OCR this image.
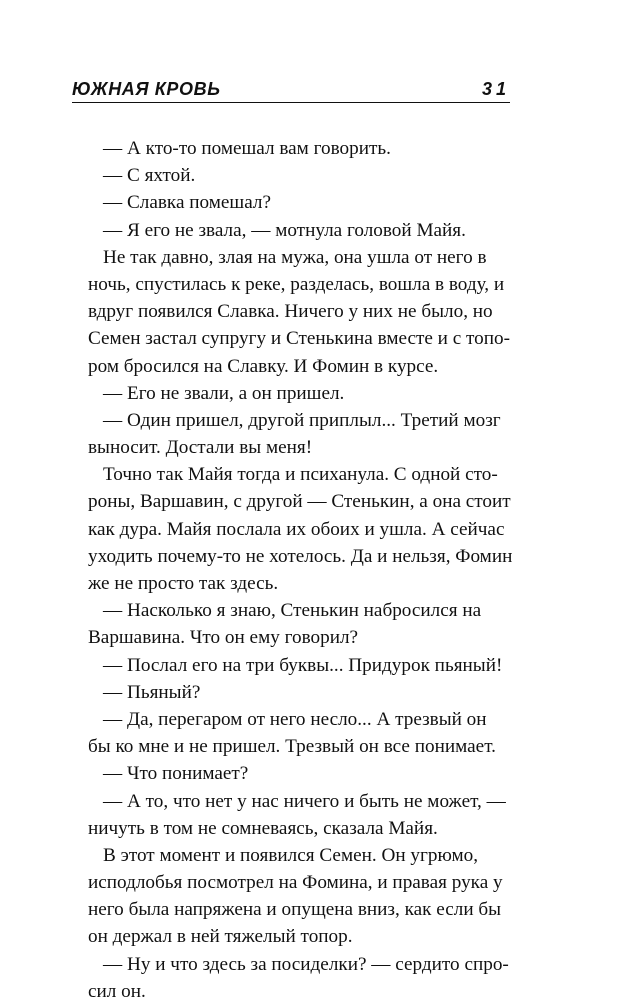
ЮЖНАЯ КРОВЬ	31
— А кто-то помешал вам говорить.
— С яхтой.
— Славка помешал?
— Я его не звала, — мотнула головой Майя.
Не так давно, злая на мужа, она ушла от него в
ночь, спустилась к реке, разделась, вошла в воду, и
вдруг появился Славка. Ничего у них не было, но
Семен застал супругу и Стенькина вместе и с топо-
ром бросился на Славку. И Фомин в курсе.
— Его не звали, а он пришел.
— Один пришел, другой приплыл... Третий мозг
выносит. Достали вы меня!
Точно так Майя тогда и психанула. С одной сто-
роны, Варшавин, с другой — Стенькин, а она стоит
как дура. Майя послала их обоих и ушла. А сейчас
уходить почему-то не хотелось. Да и нельзя, Фомин
же не просто так здесь.
— Насколько я знаю, Стенькин набросился на
Варшавина. Что он ему говорил?
— Послал его на три буквы... Придурок пьяный!
— Пьяный?
— Да, перегаром от него несло... А трезвый он
бы ко мне и не пришел. Трезвый он все понимает.
— Что понимает?
— А то, что нет у нас ничего и быть не может, —
ничуть в том не сомневаясь, сказала Майя.
В этот момент и появился Семен. Он угрюмо,
исподлобья посмотрел на Фомина, и правая рука у
него была напряжена и опущена вниз, как если бы
он держал в ней тяжелый топор.
— Ну и что здесь за посиделки? — сердито спро-
сил он.
